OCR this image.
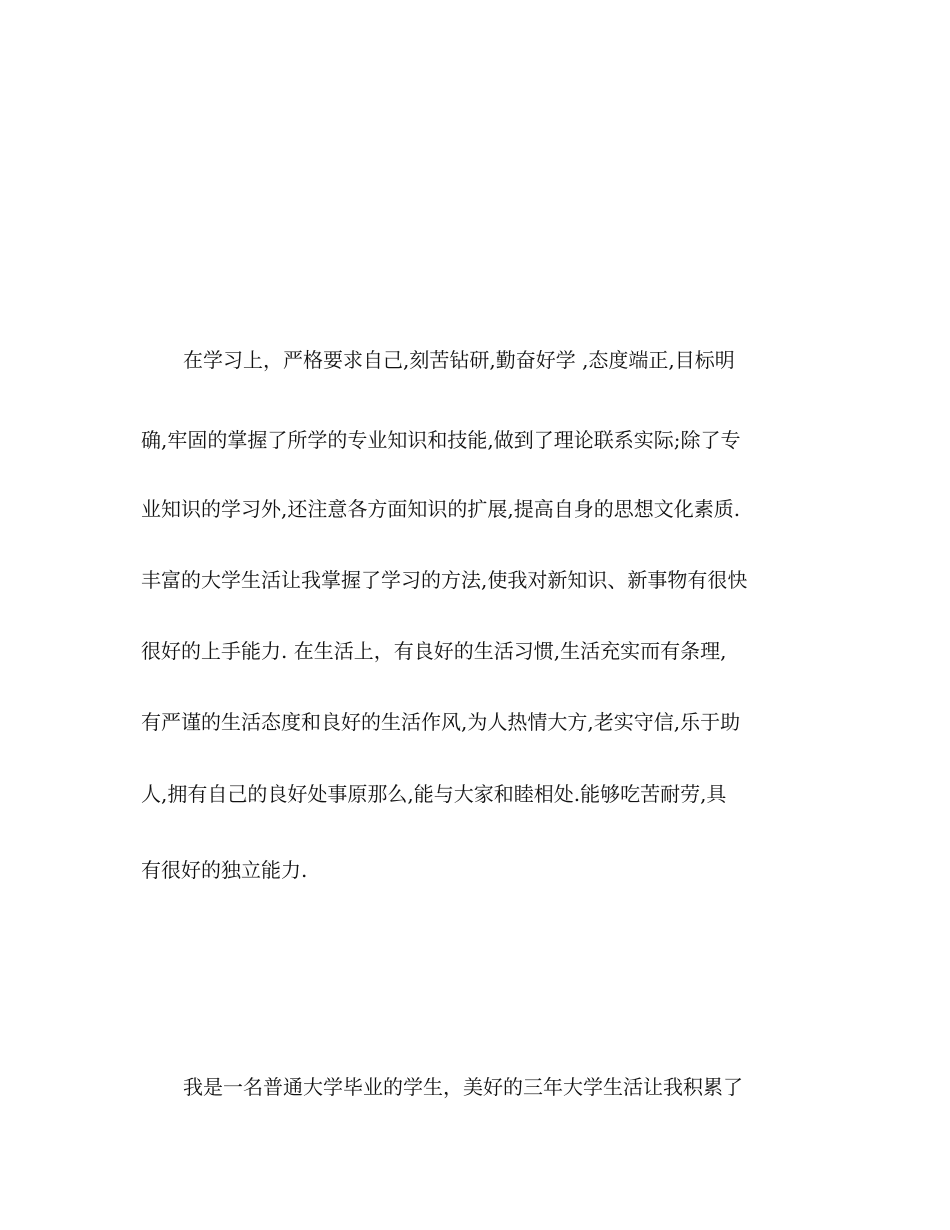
在学习上，严格要求自己,刻苦钻研,勤奋好学 ,态度端正,目标明
确,牢固的掌握了所学的专业知识和技能,做到了理论联系实际;除了专
业知识的学习外,还注意各方面知识的扩展,提高自身的思想文化素质.
丰富的大学生活让我掌握了学习的方法,使我对新知识、新事物有很快
很好的上手能力. 在生活上，有良好的生活习惯,生活充实而有条理,
有严谨的生活态度和良好的生活作风,为人热情大方,老实守信,乐于助
人,拥有自己的良好处事原那么,能与大家和睦相处.能够吃苦耐劳,具
有很好的独立能力.
我是一名普通大学毕业的学生，美好的三年大学生活让我积累了
